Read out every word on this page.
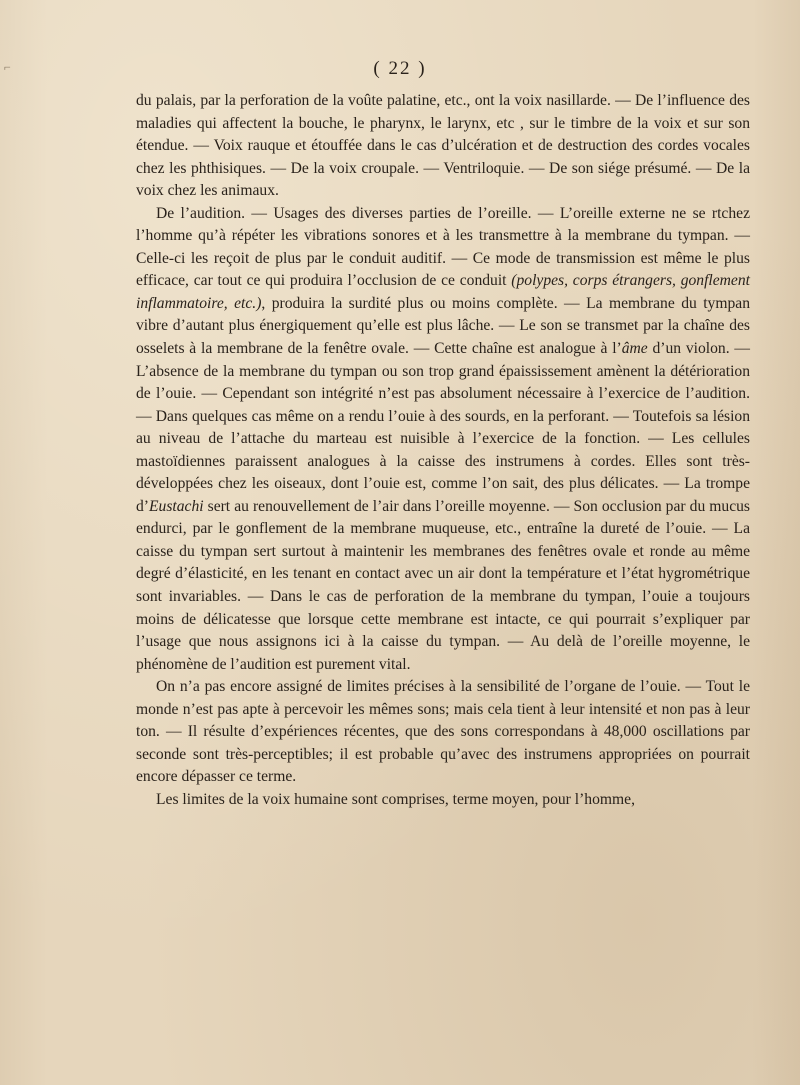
⌐	( 22 )

du palais, par la perforation de la voûte palatine, etc., ont la voix nasillarde. — De l’influence des maladies qui affectent la bouche, le pharynx, le larynx, etc , sur le timbre de la voix et sur son étendue. — Voix rauque et étouffée dans le cas d’ulcération et de destruction des cordes vocales chez les phthisiques. — De la voix croupale. — Ventriloquie. — De son siége présumé. — De la voix chez les animaux.

De l’audition. — Usages des diverses parties de l’oreille. — L’oreille externe ne se rtchez l’homme qu’à répéter les vibrations sonores et à les transmettre à la membrane du tympan. — Celle-ci les reçoit de plus par le conduit auditif. — Ce mode de transmission est même le plus efficace, car tout ce qui produira l’occlusion de ce conduit (polypes, corps étrangers, gonflement inflammatoire, etc.), produira la surdité plus ou moins complète. — La membrane du tympan vibre d’autant plus énergiquement qu’elle est plus lâche. — Le son se transmet par la chaîne des osselets à la membrane de la fenêtre ovale. — Cette chaîne est analogue à l’âme d’un violon. — L’absence de la membrane du tympan ou son trop grand épaississement amènent la détérioration de l’ouie. — Cependant son intégrité n’est pas absolument nécessaire à l’exercice de l’audition. — Dans quelques cas même on a rendu l’ouie à des sourds, en la perforant. — Toutefois sa lésion au niveau de l’attache du marteau est nuisible à l’exercice de la fonction. — Les cellules mastoïdiennes paraissent analogues à la caisse des instrumens à cordes. Elles sont très-développées chez les oiseaux, dont l’ouie est, comme l’on sait, des plus délicates. — La trompe d’Eustachi sert au renouvellement de l’air dans l’oreille moyenne. — Son occlusion par du mucus endurci, par le gonflement de la membrane muqueuse, etc., entraîne la dureté de l’ouie. — La caisse du tympan sert surtout à maintenir les membranes des fenêtres ovale et ronde au même degré d’élasticité, en les tenant en contact avec un air dont la température et l’état hygrométrique sont invariables. — Dans le cas de perforation de la membrane du tympan, l’ouie a toujours moins de délicatesse que lorsque cette membrane est intacte, ce qui pourrait s’expliquer par l’usage que nous assignons ici à la caisse du tympan. — Au delà de l’oreille moyenne, le phénomène de l’audition est purement vital.

On n’a pas encore assigné de limites précises à la sensibilité de l’organe de l’ouie. — Tout le monde n’est pas apte à percevoir les mêmes sons; mais cela tient à leur intensité et non pas à leur ton. — Il résulte d’expériences récentes, que des sons correspondans à 48,000 oscillations par seconde sont très-perceptibles; il est probable qu’avec des instrumens appropriées on pourrait encore dépasser ce terme.

Les limites de la voix humaine sont comprises, terme moyen, pour l’homme,
